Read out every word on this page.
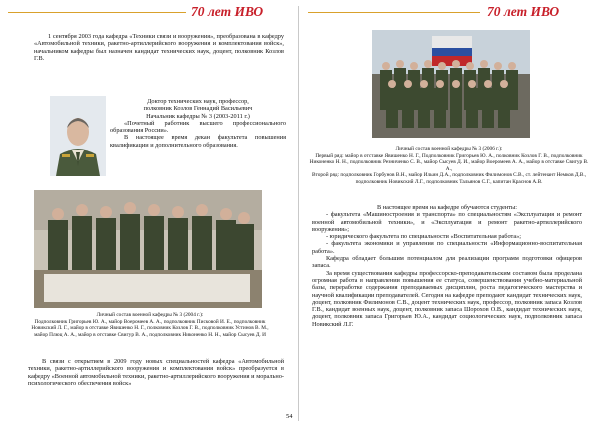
70 лет ИВО	70 лет ИВО
1 сентября 2003 года кафедра «Техники связи и вооружения», преобразована в кафедру «Автомобильной техники, ракетно-артиллерийского вооружения и комплектования войск», начальником кафедры был назначен кандидат технических наук, доцент, полковник Козлов Г.В.

Доктор технических наук, профессор,

полковник Козлов Геннадий Васильевич

Начальник кафедры № 3 (2003-2011 г.)

«Почетный работник высшего профессионального образования России».

В настоящее время декан факультета повышения квалификации и дополнительного образования.

Личный состав военной кафедры № 3 (2004 г.):
Подполковник Григорьев Ю. А., майор Воеромеев А. А., подполковник Писковой И. Е., подполковник Новикский Л. Г., майор в отставке Явишенко Н. Г., полковник Козлов Г. В., подполковник Устинов В. М., майор Плюц А. А., майор в отставке Свигур В. А., подполковник Никоненко Н. Н., майор Сысуев Д. И
В связи с открытием в 2009 году новых специальностей кафедра «Автомобильной техники, ракетно-артиллерийского вооружения и комплектования войск» преобразуется в кафедру «Военной автомобильной техники, ракетно-артиллерийского вооружения и морально-психологического обеспечения войск»
Личный состав военной кафедры № 3 (2006 г.):
Первый ряд: майор в отставке Явишенко Н. Г., Подполковник Григорьев Ю. А., полковник Козлов Г. В., подполковник Никоненко Н. Н., подполковник Резниченко С. В., майор Сысуев Д. И., майор Воеромеев А. А., майор в отставке Свигур В. А.,
Второй ряд: подполковник Горбунов В.Н., майор Ильин Д.А., подполковник Филимонов С.В., ст. лейтенант Немков Д.В., подполковник Новикский Л.Г., подполковник Тальянов С.Г., капитан Краснов А.В.

В настоящее время на кафедре обучаются студенты:

- факультета «Машиностроения и транспорта» по специальностям «Эксплуатация и ремонт военной автомобильной техники», и «Эксплуатация и ремонт ракетно-артиллерийского вооружения»;

- юридического факультета по специальности «Воспитательная работа»;

- факультета экономики и управления по специальности «Информационно-воспитательная работа».

Кафедра обладает большим потенциалом для реализации программ подготовки офицеров запаса.

За время существования кафедры профессорско-преподавательским составом была проделана огромная работа в направлении повышения ее статуса, совершенствования учебно-материальной базы, переработке содержания преподаваемых дисциплин, роста педагогического мастерства и научной квалификации преподавателей. Сегодня на кафедре преподают кандидат технических наук, доцент, полковник Филимонов С.В., доцент технических наук, профессор, полковник запаса Козлов Г.В., кандидат военных наук, доцент, полковник запаса Шорохов О.В., кандидат технических наук, доцент, полковник запаса Григорьев Ю.А., кандидат социологических наук, подполковник запаса Новикский Л.Г.

54
